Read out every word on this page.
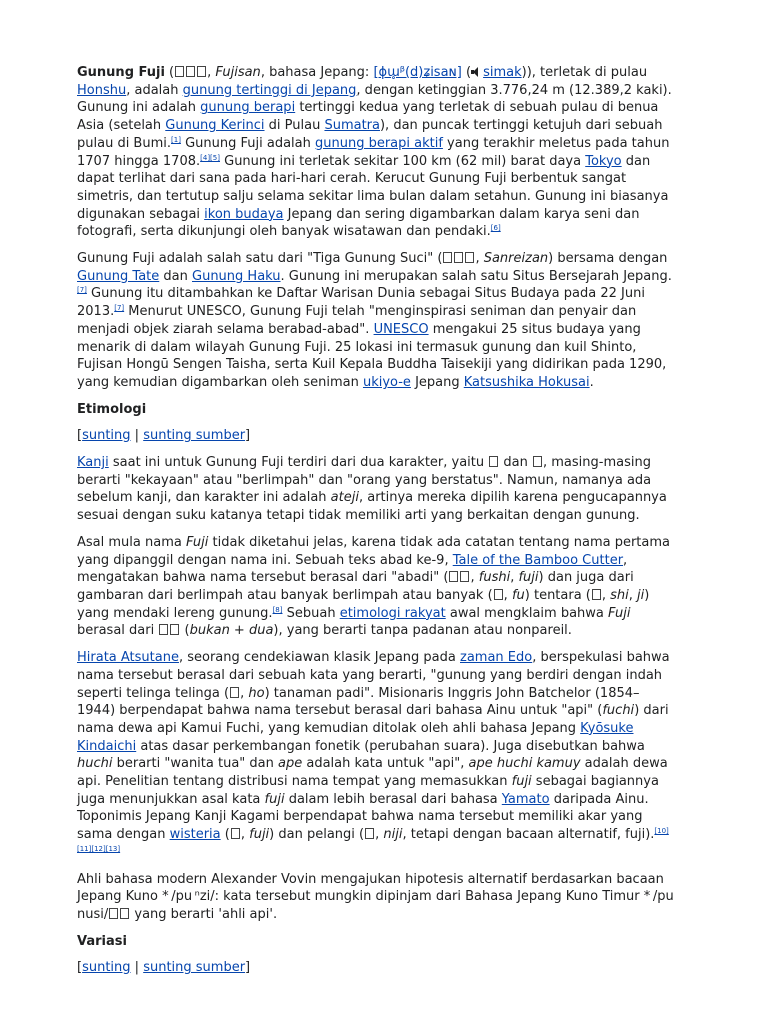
Gunung Fuji (	, Fujisan, bahasa Jepang: [ɸɯ̥ᵝ(d)ʑisaɴ] ( simak)), terletak di pulau Honshu, adalah gunung tertinggi di Jepang, dengan ketinggian 3.776,24 m (12.389,2 kaki). Gunung ini adalah gunung berapi tertinggi kedua yang terletak di sebuah pulau di benua Asia (setelah Gunung Kerinci di Pulau Sumatra), dan puncak tertinggi ketujuh dari sebuah pulau di Bumi.[1] Gunung Fuji adalah gunung berapi aktif yang terakhir meletus pada tahun 1707 hingga 1708.[4][5] Gunung ini terletak sekitar 100 km (62 mil) barat daya Tokyo dan dapat terlihat dari sana pada hari-hari cerah. Kerucut Gunung Fuji berbentuk sangat simetris, dan tertutup salju selama sekitar lima bulan dalam setahun. Gunung ini biasanya digunakan sebagai ikon budaya Jepang dan sering digambarkan dalam karya seni dan fotografi, serta dikunjungi oleh banyak wisatawan dan pendaki.[6]

Gunung Fuji adalah salah satu dari "Tiga Gunung Suci" (	, Sanreizan) bersama dengan Gunung Tate dan Gunung Haku. Gunung ini merupakan salah satu Situs Bersejarah Jepang.[7] Gunung itu ditambahkan ke Daftar Warisan Dunia sebagai Situs Budaya pada 22 Juni 2013.[7] Menurut UNESCO, Gunung Fuji telah "menginspirasi seniman dan penyair dan menjadi objek ziarah selama berabad-abad". UNESCO mengakui 25 situs budaya yang menarik di dalam wilayah Gunung Fuji. 25 lokasi ini termasuk gunung dan kuil Shinto, Fujisan Hongū Sengen Taisha, serta Kuil Kepala Buddha Taisekiji yang didirikan pada 1290, yang kemudian digambarkan oleh seniman ukiyo-e Jepang Katsushika Hokusai.

Etimologi
[sunting | sunting sumber]

Kanji saat ini untuk Gunung Fuji terdiri dari dua karakter, yaitu  dan , masing-masing berarti "kekayaan" atau "berlimpah" dan "orang yang berstatus". Namun, namanya ada sebelum kanji, dan karakter ini adalah ateji, artinya mereka dipilih karena pengucapannya sesuai dengan suku katanya tetapi tidak memiliki arti yang berkaitan dengan gunung.

Asal mula nama Fuji tidak diketahui jelas, karena tidak ada catatan tentang nama pertama yang dipanggil dengan nama ini. Sebuah teks abad ke-9, Tale of the Bamboo Cutter, mengatakan bahwa nama tersebut berasal dari "abadi" ( , fushi, fuji) dan juga dari gambaran dari berlimpah atau banyak berlimpah atau banyak ( , fu) tentara ( , shi, ji) yang mendaki lereng gunung.[8] Sebuah etimologi rakyat awal mengklaim bahwa Fuji berasal dari  (bukan + dua), yang berarti tanpa padanan atau nonpareil.

Hirata Atsutane, seorang cendekiawan klasik Jepang pada zaman Edo, berspekulasi bahwa nama tersebut berasal dari sebuah kata yang berarti, "gunung yang berdiri dengan indah seperti telinga telinga ( , ho) tanaman padi". Misionaris Inggris John Batchelor (1854–1944) berpendapat bahwa nama tersebut berasal dari bahasa Ainu untuk "api" (fuchi) dari nama dewa api Kamui Fuchi, yang kemudian ditolak oleh ahli bahasa Jepang Kyōsuke Kindaichi atas dasar perkembangan fonetik (perubahan suara). Juga disebutkan bahwa huchi berarti "wanita tua" dan ape adalah kata untuk "api", ape huchi kamuy adalah dewa api. Penelitian tentang distribusi nama tempat yang memasukkan fuji sebagai bagiannya juga menunjukkan asal kata fuji dalam lebih berasal dari bahasa Yamato daripada Ainu. Toponimis Jepang Kanji Kagami berpendapat bahwa nama tersebut memiliki akar yang sama dengan wisteria ( , fuji) dan pelangi ( , niji, tetapi dengan bacaan alternatif, fuji).[10][11][12][13]

Ahli bahasa modern Alexander Vovin mengajukan hipotesis alternatif berdasarkan bacaan Jepang Kuno * /pu ⁿzi/: kata tersebut mungkin dipinjam dari Bahasa Jepang Kuno Timur * /pu nusi/ yang berarti 'ahli api'.

Variasi
[sunting | sunting sumber]
